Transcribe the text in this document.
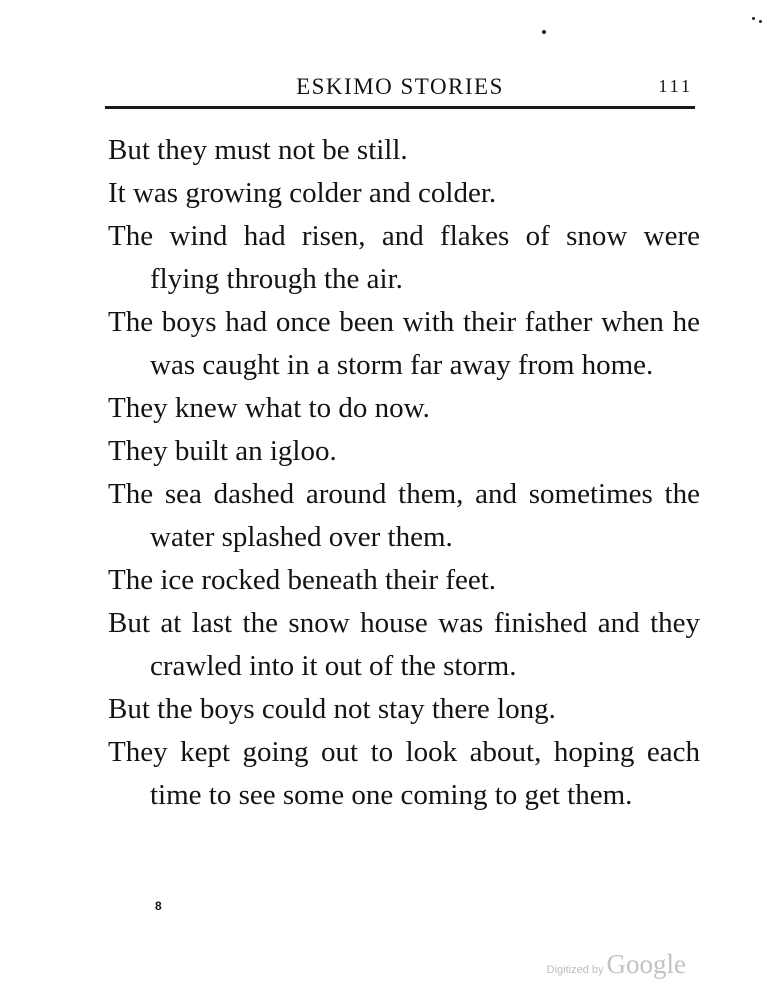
ESKIMO STORIES	111

But they must not be still.

It was growing colder and colder.

The wind had risen, and flakes of snow were flying through the air.

The boys had once been with their father when he was caught in a storm far away from home.

They knew what to do now.

They built an igloo.

The sea dashed around them, and sometimes the water splashed over them.

The ice rocked beneath their feet.

But at last the snow house was finished and they crawled into it out of the storm.

But the boys could not stay there long.

They kept going out to look about, hoping each time to see some one coming to get them.

8
Digitized by Google
